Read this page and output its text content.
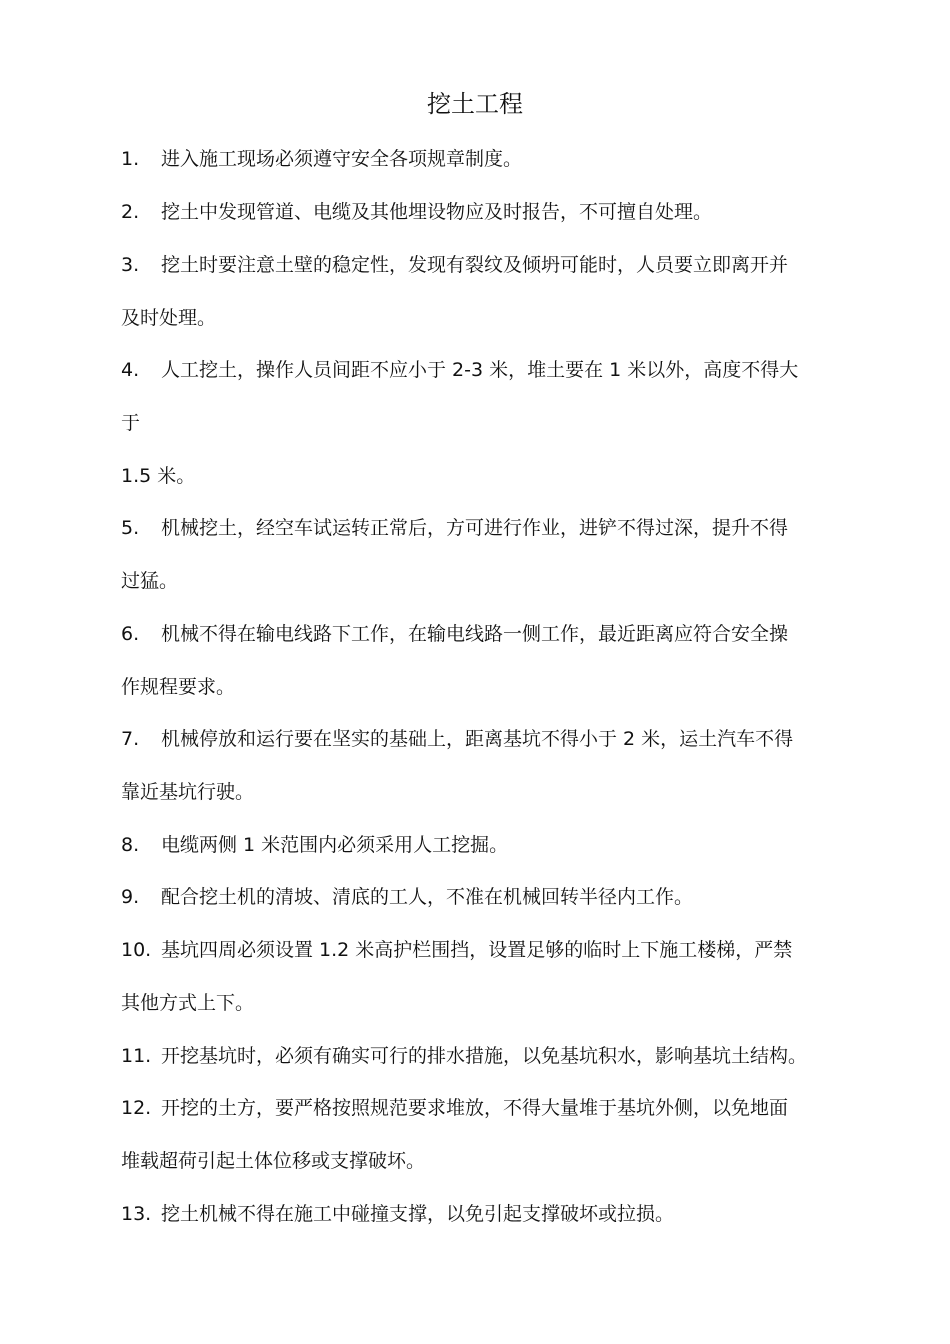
挖土工程

1. 进入施工现场必须遵守安全各项规章制度。

2. 挖土中发现管道、电缆及其他埋设物应及时报告，不可擅自处理。

3. 挖土时要注意土壁的稳定性，发现有裂纹及倾坍可能时，人员要立即离开并

及时处理。

4. 人工挖土，操作人员间距不应小于 2-3 米，堆土要在 1 米以外，高度不得大

于

1.5 米。

5. 机械挖土，经空车试运转正常后，方可进行作业，进铲不得过深，提升不得

过猛。

6. 机械不得在输电线路下工作，在输电线路一侧工作，最近距离应符合安全操

作规程要求。

7. 机械停放和运行要在坚实的基础上，距离基坑不得小于 2 米，运土汽车不得

靠近基坑行驶。

8. 电缆两侧 1 米范围内必须采用人工挖掘。

9. 配合挖土机的清坡、清底的工人，不准在机械回转半径内工作。

10. 基坑四周必须设置 1.2 米高护栏围挡，设置足够的临时上下施工楼梯，严禁

其他方式上下。

11. 开挖基坑时，必须有确实可行的排水措施，以免基坑积水，影响基坑土结构。

12. 开挖的土方，要严格按照规范要求堆放，不得大量堆于基坑外侧，以免地面

堆载超荷引起土体位移或支撑破坏。

13. 挖土机械不得在施工中碰撞支撑，以免引起支撑破坏或拉损。
